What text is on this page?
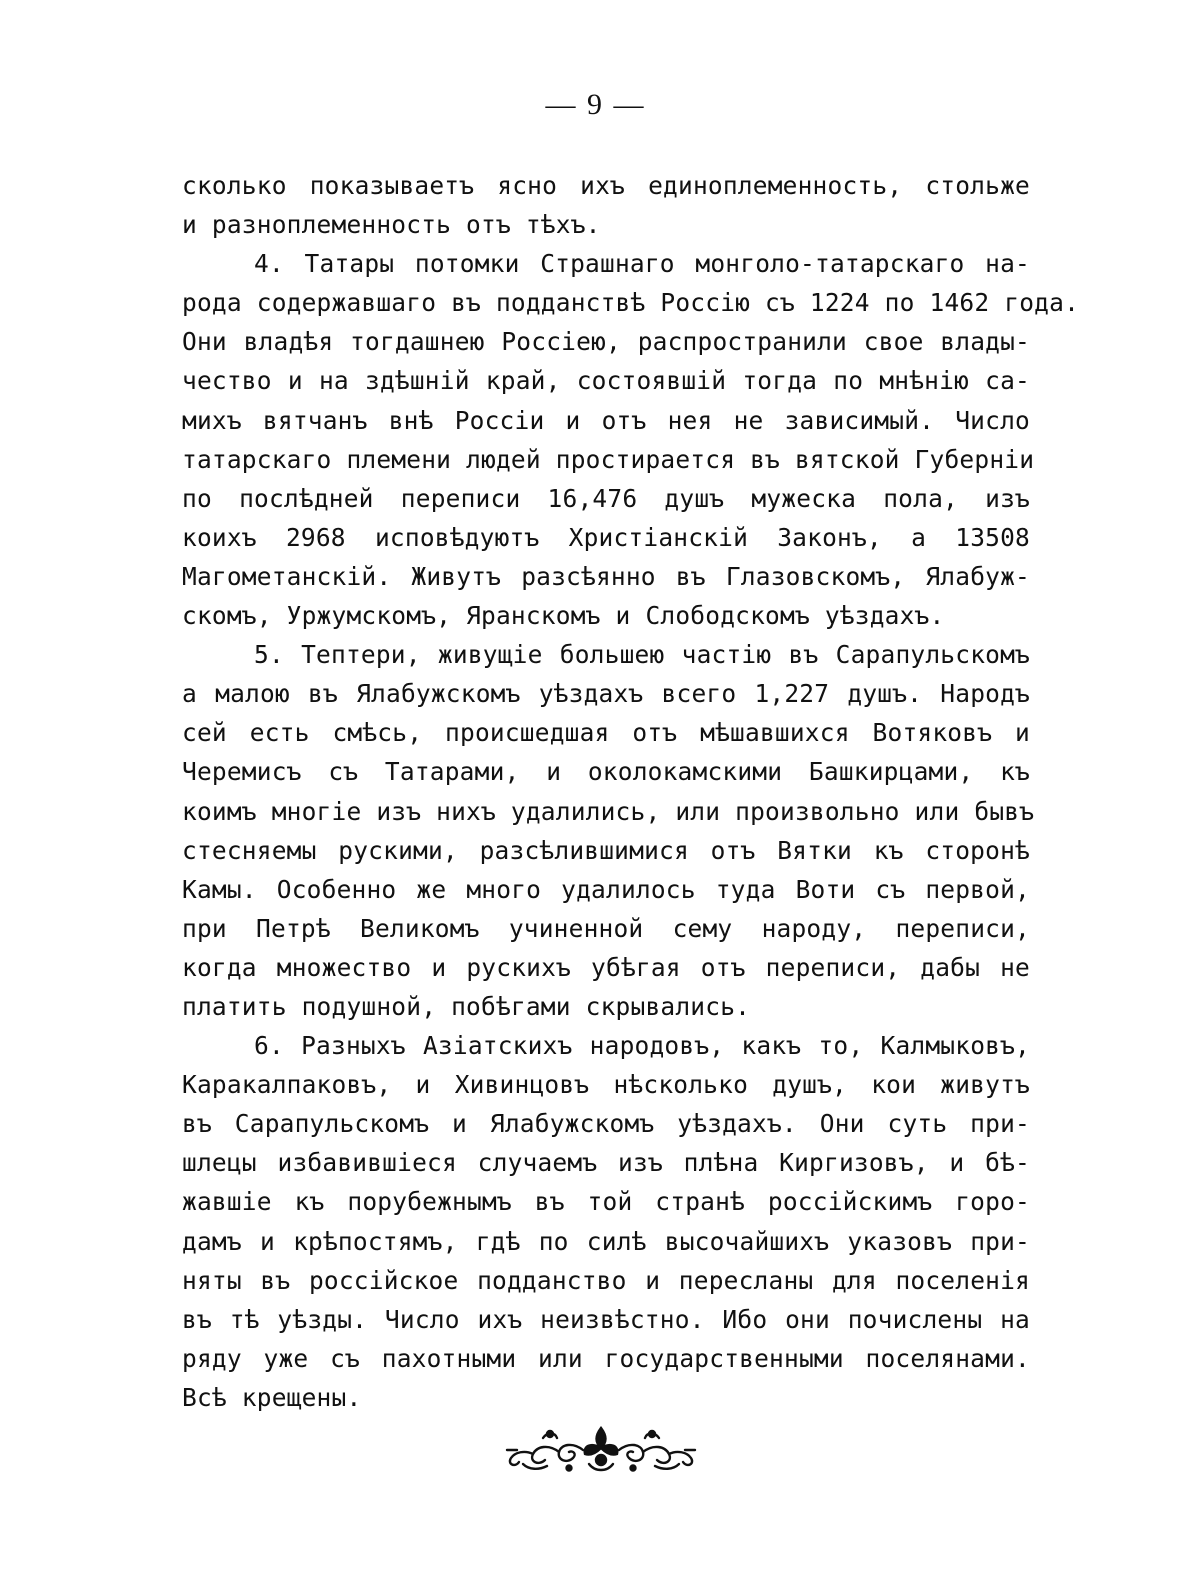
— 9 —

сколько показываетъ ясно ихъ единоплеменность, стольже
и разноплеменность отъ тѣхъ.

4. Татары потомки Страшнаго монголо-татарскаго на-
рода содержавшаго въ подданствѣ Россiю съ 1224 по 1462 года.
Они владѣя тогдашнею Россiею, распространили свое влады-
чество и на здѣшнiй край, состоявшiй тогда по мнѣнiю са-
михъ вятчанъ внѣ Россiи и отъ нея не зависимый. Число
татарскаго племени людей простирается въ вятской Губернiи
по послѣдней переписи 16,476 душъ мужеска пола, изъ
коихъ 2968 исповѣдуютъ Христiанскiй Законъ, а 13508
Магометанскiй. Живутъ разсѣянно въ Глазовскомъ, Ялабуж-
скомъ, Уржумскомъ, Яранскомъ и Слободскомъ уѣздахъ.

5. Тептери, живущiе большею частiю въ Сарапульскомъ
а малою въ Ялабужскомъ уѣздахъ всего 1,227 душъ. Народъ
сей есть смѣсь, происшедшая отъ мѣшавшихся Вотяковъ и
Черемисъ съ Татарами, и околокамскими Башкирцами, къ
коимъ многiе изъ нихъ удалились, или произвольно или бывъ
стесняемы рускими, разсѣлившимися отъ Вятки къ сторонѣ
Камы. Особенно же много удалилось туда Воти съ первой,
при Петрѣ Великомъ учиненной сему народу, переписи,
когда множество и рускихъ убѣгая отъ переписи, дабы не
платить подушной, побѣгами скрывались.

6. Разныхъ Азiатскихъ народовъ, какъ то, Калмыковъ,
Каракалпаковъ, и Хивинцовъ нѣсколько душъ, кои живутъ
въ Сарапульскомъ и Ялабужскомъ уѣздахъ. Они суть при-
шлецы избавившiеся случаемъ изъ плѣна Киргизовъ, и бѣ-
жавшiе къ порубежнымъ въ той странѣ россiйскимъ горо-
дамъ и крѣпостямъ, гдѣ по силѣ высочайшихъ указовъ при-
няты въ россiйское подданство и пересланы для поселенiя
въ тѣ уѣзды. Число ихъ неизвѣстно. Ибо они почислены на
ряду уже съ пахотными или государственными поселянами.
Всѣ крещены.
